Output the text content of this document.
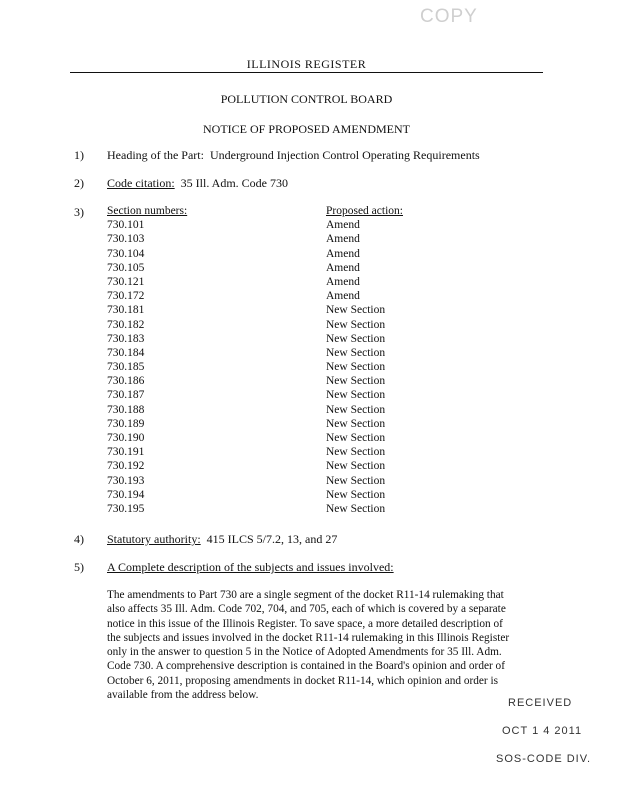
COPY
ILLINOIS REGISTER
POLLUTION CONTROL BOARD
NOTICE OF PROPOSED AMENDMENT
1) Heading of the Part: Underground Injection Control Operating Requirements
2) Code citation: 35 Ill. Adm. Code 730
3) Section numbers:
730.101
730.103
730.104
730.105
730.121
730.172
730.181
730.182
730.183
730.184
730.185
730.186
730.187
730.188
730.189
730.190
730.191
730.192
730.193
730.194
730.195
Proposed action:
Amend
Amend
Amend
Amend
Amend
Amend
New Section
New Section
New Section
New Section
New Section
New Section
New Section
New Section
New Section
New Section
New Section
New Section
New Section
New Section
New Section
4) Statutory authority: 415 ILCS 5/7.2, 13, and 27
5) A Complete description of the subjects and issues involved:
The amendments to Part 730 are a single segment of the docket R11-14 rulemaking that
also affects 35 Ill. Adm. Code 702, 704, and 705, each of which is covered by a separate
notice in this issue of the Illinois Register. To save space, a more detailed description of
the subjects and issues involved in the docket R11-14 rulemaking in this Illinois Register
only in the answer to question 5 in the Notice of Adopted Amendments for 35 Ill. Adm.
Code 730. A comprehensive description is contained in the Board's opinion and order of
October 6, 2011, proposing amendments in docket R11-14, which opinion and order is
available from the address below.
RECEIVED
OCT 1 4 2011
SOS-CODE DIV.
